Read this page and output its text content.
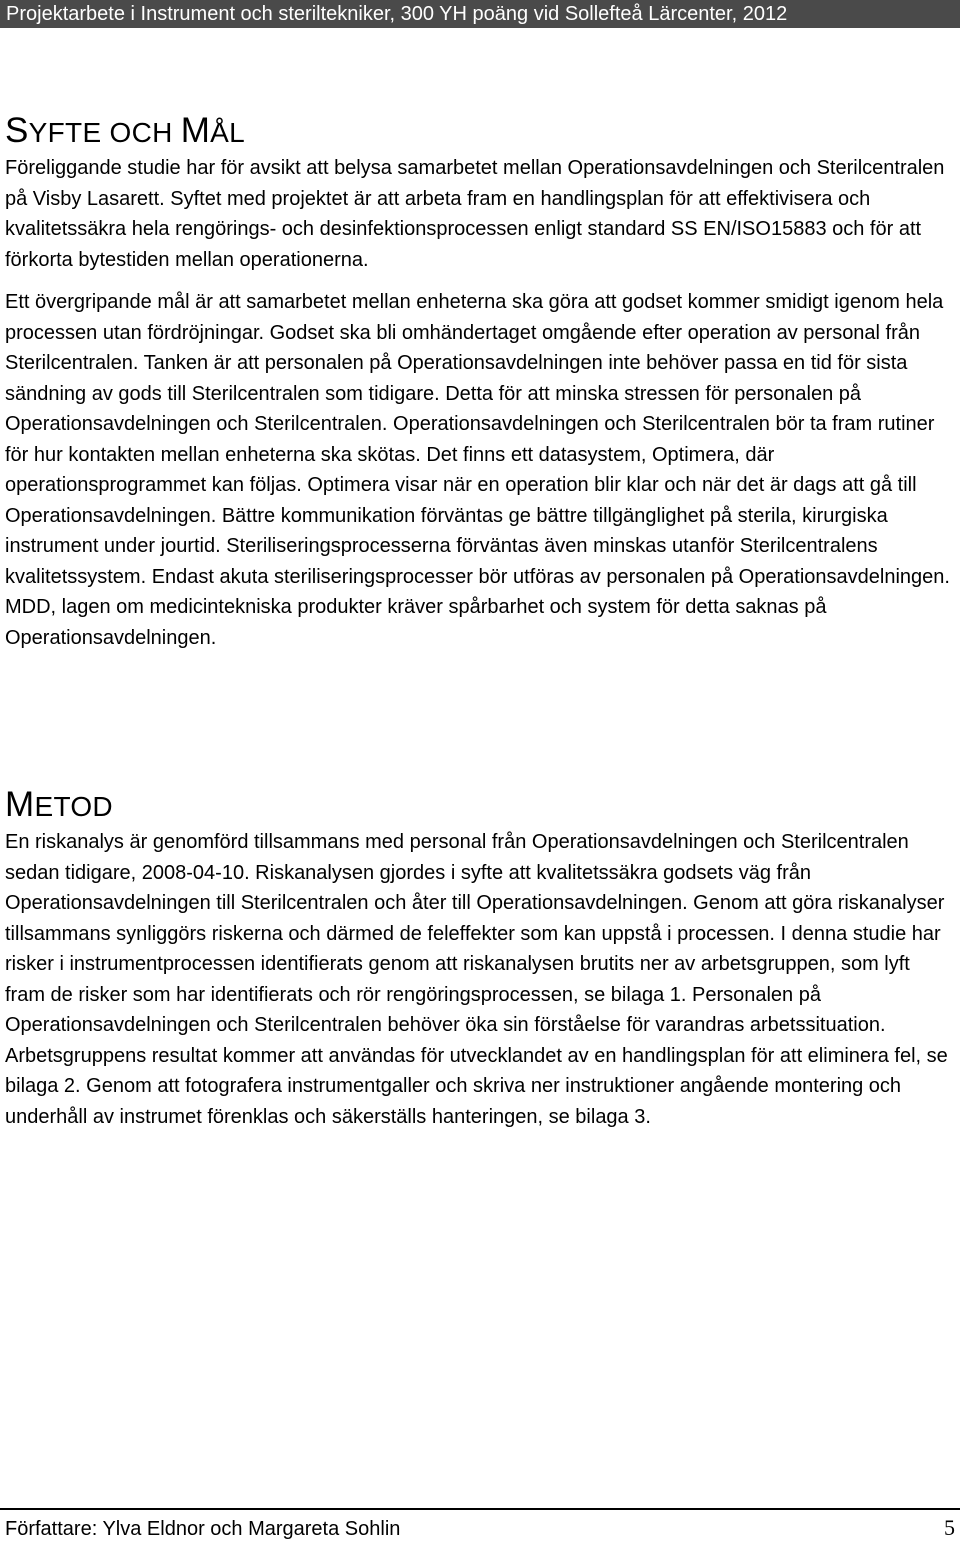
Projektarbete i Instrument och steriltekniker, 300 YH poäng vid Sollefteå Lärcenter, 2012
SYFTE OCH MÅL

Föreliggande studie har för avsikt att belysa samarbetet mellan Operationsavdelningen och Sterilcentralen på Visby Lasarett. Syftet med projektet är att arbeta fram en handlingsplan för att effektivisera och kvalitetssäkra hela rengörings- och desinfektionsprocessen enligt standard SS EN/ISO15883 och för att förkorta bytestiden mellan operationerna.

Ett övergripande mål är att samarbetet mellan enheterna ska göra att godset kommer smidigt igenom hela processen utan fördröjningar. Godset ska bli omhändertaget omgående efter operation av personal från Sterilcentralen. Tanken är att personalen på Operationsavdelningen inte behöver passa en tid för sista sändning av gods till Sterilcentralen som tidigare. Detta för att minska stressen för personalen på Operationsavdelningen och Sterilcentralen. Operationsavdelningen och Sterilcentralen bör ta fram rutiner för hur kontakten mellan enheterna ska skötas. Det finns ett datasystem, Optimera, där operationsprogrammet kan följas. Optimera visar när en operation blir klar och när det är dags att gå till Operationsavdelningen. Bättre kommunikation förväntas ge bättre tillgänglighet på sterila, kirurgiska instrument under jourtid. Steriliseringsprocesserna förväntas även minskas utanför Sterilcentralens kvalitetssystem. Endast akuta steriliseringsprocesser bör utföras av personalen på Operationsavdelningen. MDD, lagen om medicintekniska produkter kräver spårbarhet och system för detta saknas på Operationsavdelningen.

METOD

En riskanalys är genomförd tillsammans med personal från Operationsavdelningen och Sterilcentralen sedan tidigare, 2008-04-10. Riskanalysen gjordes i syfte att kvalitetssäkra godsets väg från Operationsavdelningen till Sterilcentralen och åter till Operationsavdelningen. Genom att göra riskanalyser tillsammans synliggörs riskerna och därmed de feleffekter som kan uppstå i processen. I denna studie har risker i instrumentprocessen identifierats genom att riskanalysen brutits ner av arbetsgruppen, som lyft fram de risker som har identifierats och rör rengöringsprocessen, se bilaga 1. Personalen på Operationsavdelningen och Sterilcentralen behöver öka sin förståelse för varandras arbetssituation. Arbetsgruppens resultat kommer att användas för utvecklandet av en handlingsplan för att eliminera fel, se bilaga 2. Genom att fotografera instrumentgaller och skriva ner instruktioner angående montering och underhåll av instrumet förenklas och säkerställs hanteringen, se bilaga 3.

Författare: Ylva Eldnor och Margareta Sohlin	5
